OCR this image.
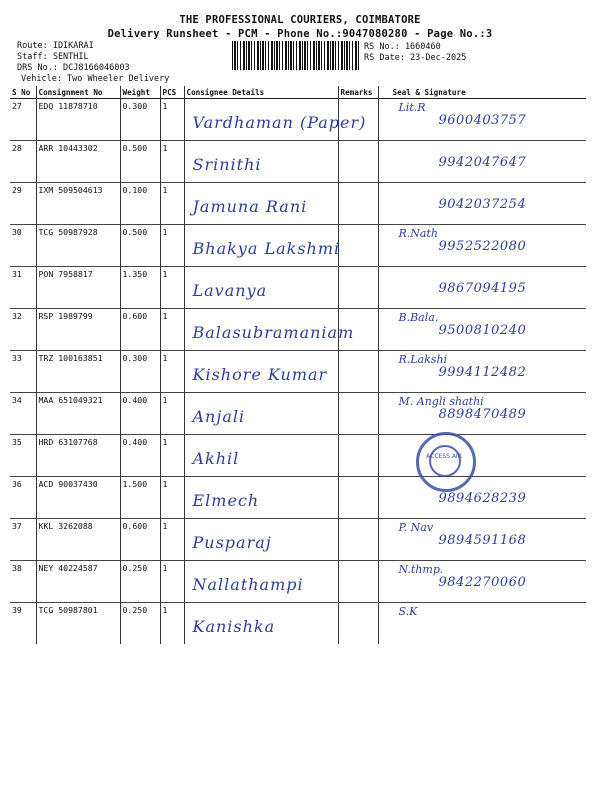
THE PROFESSIONAL COURIERS, COIMBATORE
Delivery Runsheet - PCM - Phone No.:9047080280 - Page No.:3
Route: IDIKARAI
Staff: SENTHIL
DRS No.: DCJ8166046003
Vehicle: Two Wheeler Delivery
RS No.: 1660460
RS Date: 23-Dec-2025
S No	Consignment No	Weight	PCS	Consignee Details	Remarks	Seal & Signature
27	EDQ 11878710	0.300	1	Vardhaman (Paper)		Lit.R
9600403757

28	ARR 10443302	0.500	1	Srinithi		9942047647

29	IXM 509504613	0.100	1	Jamuna Rani		9042037254

30	TCG 50987928	0.500	1	Bhakya Lakshmi		R.Nath
9952522080

31	PON 7958817	1.350	1	Lavanya		9867094195

32	RSP 1989799	0.600	1	Balasubramaniam		B.Bala.
9500810240

33	TRZ 100163851	0.300	1	Kishore Kumar		R.Lakshi
9994112482

34	MAA 651049321	0.400	1	Anjali		M. Angli shathi
8898470489

35	HRD 63107768	0.400	1	Akhil		

36	ACD 90037430	1.500	1	Elmech		9894628239

37	KKL 3262088	0.600	1	Pusparaj		P. Nav
9894591168

38	NEY 40224587	0.250	1	Nallathampi		N.thmp.
9842270060

39	TCG 50987801	0.250	1	Kanishka		S.K
ACCESS AIR
